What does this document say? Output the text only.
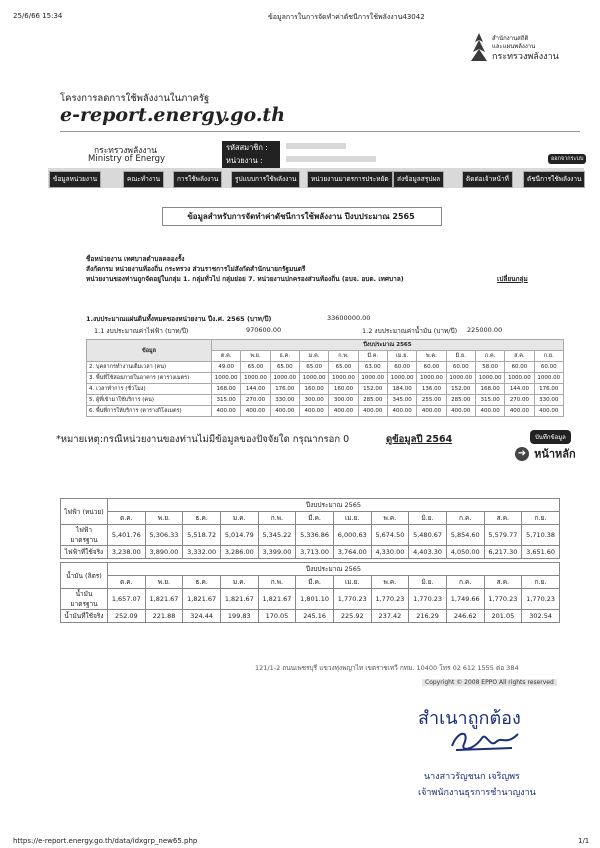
25/6/66 15:34	ข้อมูลการในการจัดทำค่าดัชนีการใช้พลังงาน43042
สำนักงานสถิติ
และแผนพลังงาน
กระทรวงพลังงาน
โครงการลดการใช้พลังงานในภาครัฐ
e-report.energy.go.th
กระทรวงพลังงาน
Ministry of Energy
รหัสสมาชิก :
หน่วยงาน :	ออกจากระบบ
ข้อมูลหน่วยงาน	คณะทำงาน	การใช้พลังงาน	รูปแบบการใช้พลังงาน	หน่วยงานมาตรการประหยัด	ส่งข้อมูลสรุปผล	ติดต่อเจ้าหน้าที่	ดัชนีการใช้พลังงาน
ข้อมูลสำหรับการจัดทำค่าดัชนีการใช้พลังงาน ปีงบประมาณ 2565
ชื่อหน่วยงาน เทศบาลตำบลคลองรั้ง
สังกัดกรม หน่วยงานท้องถิ่น กระทรวง ส่วนราชการไม่สังกัดสำนักนายกรัฐมนตรี
หน่วยงานของท่านถูกจัดอยู่ในกลุ่ม 1. กลุ่มทั่วไป กลุ่มย่อย 7. หน่วยงานปกครองส่วนท้องถิ่น (อบจ. อบต. เทศบาล)	เปลี่ยนกลุ่ม
1.งบประมาณแผ่นดินทั้งหมดของหน่วยงาน ปีง.ศ. 2565 (บาท/ปี)	33600000.00
1.1 งบประมาณค่าไฟฟ้า (บาท/ปี)	970600.00	1.2 งบประมาณค่าน้ำมัน (บาท/ปี) 225000.00
ข้อมูล	ปีงบประมาณ 2565											
	ต.ค.	พ.ย.	ธ.ค.	ม.ค.	ก.พ.	มี.ค.	เม.ย.	พ.ค.	มิ.ย.	ก.ค.	ส.ค.	ก.ย.
2. บุคลากรทำงานเต็มเวลา (คน)	49.00	65.00	65.00	65.00	65.00	63.00	60.00	60.00	60.00	58.00	60.00	60.00
3. พื้นที่ใช้สอยภายในอาคาร (ตารางเมตร)	1000.00	1000.00	1000.00	1000.00	1000.00	1000.00	1000.00	1000.00	1000.00	1000.00	1000.00	1000.00
4. เวลาทำการ (ชั่วโมง)	168.00	144.00	176.00	160.00	160.00	152.00	184.00	136.00	152.00	168.00	144.00	176.00
5. ผู้ที่เข้ามาใช้บริการ (คน)	315.00	270.00	330.00	300.00	300.00	285.00	345.00	255.00	285.00	315.00	270.00	330.00
6. พื้นที่การให้บริการ (ตารางกิโลเมตร)	400.00	400.00	400.00	400.00	400.00	400.00	400.00	400.00	400.00	400.00	400.00	400.00
*หมายเหตุ:กรณีหน่วยงานของท่านไม่มีข้อมูลของปัจจัยใด กรุณากรอก 0	ดูข้อมูลปี 2564	บันทึกข้อมูล
➜ หน้าหลัก
ไฟฟ้า (หน่วย)	ปีงบประมาณ 2565											
	ต.ค.	พ.ย.	ธ.ค.	ม.ค.	ก.พ.	มี.ค.	เม.ย.	พ.ค.	มิ.ย.	ก.ค.	ส.ค.	ก.ย.
ไฟฟ้า มาตรฐาน	5,401.76	5,306.33	5,518.72	5,014.79	5,345.22	5,336.86	6,000.63	5,674.50	5,480.67	5,854.60	5,579.77	5,710.38
ไฟฟ้าที่ใช้จริง	3,238.00	3,890.00	3,332.00	3,286.00	3,399.00	3,713.00	3,764.00	4,330.00	4,403.30	4,050.00	6,217.30	3,651.60
น้ำมัน (ลิตร)	ปีงบประมาณ 2565											
	ต.ค.	พ.ย.	ธ.ค.	ม.ค.	ก.พ.	มี.ค.	เม.ย.	พ.ค.	มิ.ย.	ก.ค.	ส.ค.	ก.ย.
น้ำมัน มาตรฐาน	1,657.07	1,821.67	1,821.67	1,821.67	1,821.67	1,801.10	1,770.23	1,770.23	1,770.23	1,749.66	1,770.23	1,770.23
น้ำมันที่ใช้จริง	252.09	221.88	324.44	199.83	170.05	245.16	225.92	237.42	216.29	246.62	201.05	302.54
121/1-2 ถนนเพชรบุรี แขวงทุ่งพญาไท เขตราชเทวี กทม. 10400 โทร 02 612 1555 ต่อ 384
Copyright © 2008 EPPO All rights reserved
สำเนาถูกต้อง
นางสาวรัญชนก เจริญพร
เจ้าพนักงานธุรการชำนาญงาน
https://e-report.energy.go.th/data/idxgrp_new65.php	1/1
